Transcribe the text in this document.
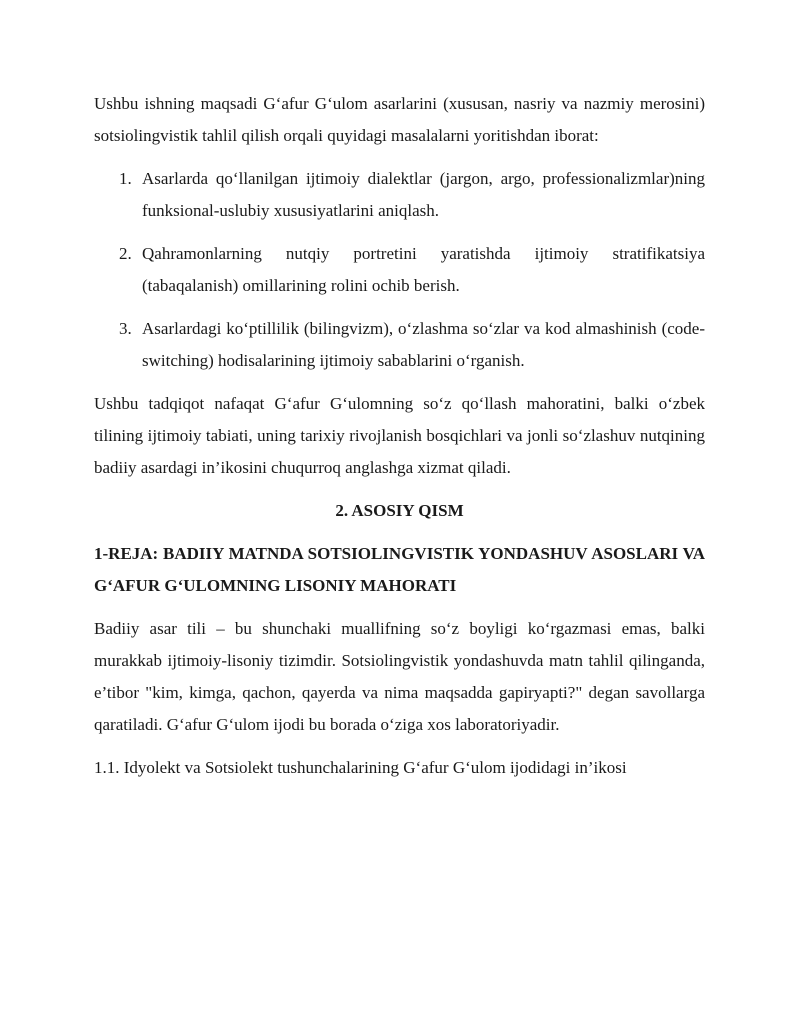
Ushbu ishning maqsadi G‘afur G‘ulom asarlarini (xususan, nasriy va nazmiy merosini) sotsiolingvistik tahlil qilish orqali quyidagi masalalarni yoritishdan iborat:

1. Asarlarda qo‘llanilgan ijtimoiy dialektlar (jargon, argo, professionalizmlar)ning funksional-uslubiy xususiyatlarini aniqlash.
2. Qahramonlarning nutqiy portretini yaratishda ijtimoiy stratifikatsiya (tabaqalanish) omillarining rolini ochib berish.
3. Asarlardagi ko‘ptillilik (bilingvizm), o‘zlashma so‘zlar va kod almashinish (code-switching) hodisalarining ijtimoiy sabablarini o‘rganish.

Ushbu tadqiqot nafaqat G‘afur G‘ulomning so‘z qo‘llash mahoratini, balki o‘zbek tilining ijtimoiy tabiati, uning tarixiy rivojlanish bosqichlari va jonli so‘zlashuv nutqining badiiy asardagi in’ikosini chuqurroq anglashga xizmat qiladi.

2. ASOSIY QISM

1-REJA: BADIIY MATNDA SOTSIOLINGVISTIK YONDASHUV ASOSLARI VA G‘AFUR G‘ULOMNING LISONIY MAHORATI

Badiiy asar tili – bu shunchaki muallifning so‘z boyligi ko‘rgazmasi emas, balki murakkab ijtimoiy-lisoniy tizimdir. Sotsiolingvistik yondashuvda matn tahlil qilinganda, e’tibor "kim, kimga, qachon, qayerda va nima maqsadda gapiryapti?" degan savollarga qaratiladi. G‘afur G‘ulom ijodi bu borada o‘ziga xos laboratoriyadir.

1.1. Idyolekt va Sotsiolekt tushunchalarining G‘afur G‘ulom ijodidagi in’ikosi
